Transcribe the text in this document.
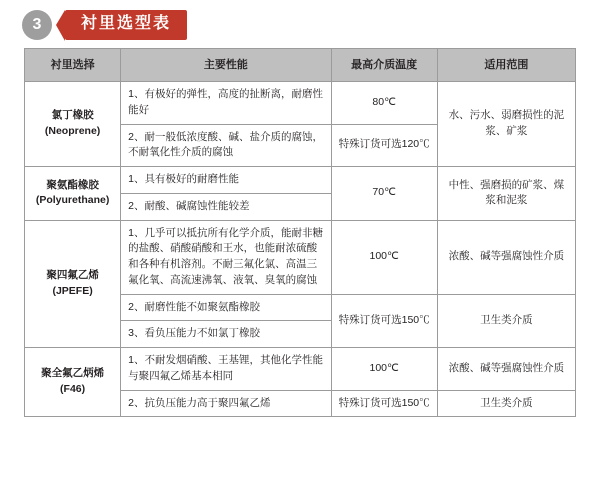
3	衬里选型表
衬里选择	主要性能	最高介质温度	适用范围

氯丁橡胶
(Neoprene)	1、有极好的弹性，高度的扯断离，耐磨性能好	80℃	水、污水、弱磨损性的泥浆、矿浆
	2、耐一般低浓度酸、碱、盐介质的腐蚀，不耐氧化性介质的腐蚀	特殊订货可选120℃	

聚氨酯橡胶
(Polyurethane)	1、具有极好的耐磨性能	70℃	中性、强磨损的矿浆、煤浆和泥浆
	2、耐酸、碱腐蚀性能较差		

聚四氟乙烯
(JPEFE)	1、几乎可以抵抗所有化学介质，能耐非糖的盐酸、硝酸硝酸和王水，也能耐浓硫酸和各种有机溶剂。不耐三氟化氯、高温三氟化氧、高流速沸氧、液氧、臭氧的腐蚀	100℃	浓酸、碱等强腐蚀性介质
	2、耐磨性能不如聚氨酯橡胶	特殊订货可选150℃	卫生类介质
	3、看负压能力不如氯丁橡胶		

聚全氟乙炳烯
(F46)	1、不耐发烟硝酸、王基锂，其他化学性能与聚四氟乙烯基本相同	100℃	浓酸、碱等强腐蚀性介质
	2、抗负压能力高于聚四氟乙烯	特殊订货可选150℃	卫生类介质
